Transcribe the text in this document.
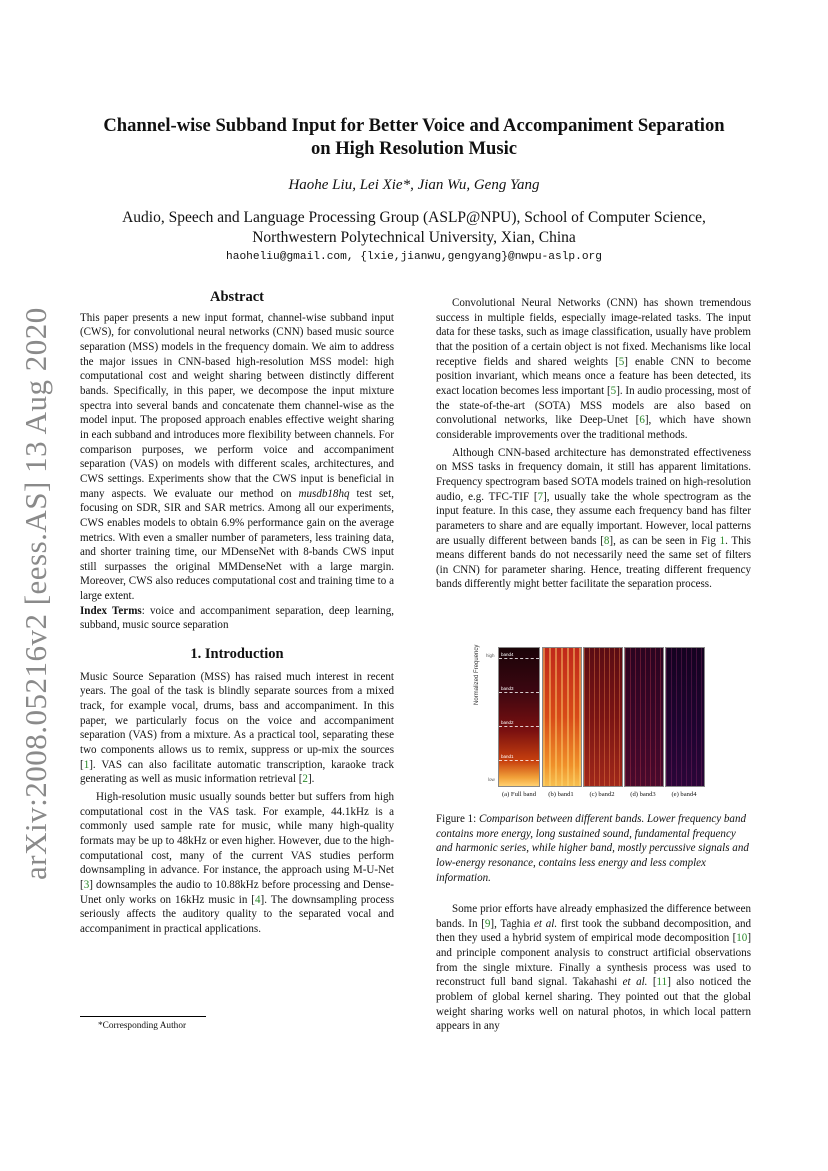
arXiv:2008.05216v2 [eess.AS] 13 Aug 2020
Channel-wise Subband Input for Better Voice and Accompaniment Separation
on High Resolution Music
Haohe Liu, Lei Xie*, Jian Wu, Geng Yang
Audio, Speech and Language Processing Group (ASLP@NPU), School of Computer Science,
Northwestern Polytechnical University, Xian, China
haoheliu@gmail.com, {lxie,jianwu,gengyang}@nwpu-aslp.org
Abstract

This paper presents a new input format, channel-wise subband input (CWS), for convolutional neural networks (CNN) based music source separation (MSS) models in the frequency domain. We aim to address the major issues in CNN-based high-resolution MSS model: high computational cost and weight sharing between distinctly different bands. Specifically, in this paper, we decompose the input mixture spectra into several bands and concatenate them channel-wise as the model input. The proposed approach enables effective weight sharing in each subband and introduces more flexibility between channels. For comparison purposes, we perform voice and accompaniment separation (VAS) on models with different scales, architectures, and CWS settings. Experiments show that the CWS input is beneficial in many aspects. We evaluate our method on musdb18hq test set, focusing on SDR, SIR and SAR metrics. Among all our experiments, CWS enables models to obtain 6.9% performance gain on the average metrics. With even a smaller number of parameters, less training data, and shorter training time, our MDenseNet with 8-bands CWS input still surpasses the original MMDenseNet with a large margin. Moreover, CWS also reduces computational cost and training time to a large extent.

Index Terms: voice and accompaniment separation, deep learning, subband, music source separation

1. Introduction

Music Source Separation (MSS) has raised much interest in recent years. The goal of the task is blindly separate sources from a mixed track, for example vocal, drums, bass and accompaniment. In this paper, we particularly focus on the voice and accompaniment separation (VAS) from a mixture. As a practical tool, separating these two components allows us to remix, suppress or up-mix the sources [1]. VAS can also facilitate automatic transcription, karaoke track generating as well as music information retrieval [2].

High-resolution music usually sounds better but suffers from high computational cost in the VAS task. For example, 44.1kHz is a commonly used sample rate for music, while many high-quality formats may be up to 48kHz or even higher. However, due to the high-computational cost, many of the current VAS studies perform downsampling in advance. For instance, the approach using M-U-Net [3] downsamples the audio to 10.88kHz before processing and Dense-Unet only works on 16kHz music in [4]. The downsampling process seriously affects the auditory quality to the separated vocal and accompaniment in practical applications.

*Corresponding Author

Convolutional Neural Networks (CNN) has shown tremendous success in multiple fields, especially image-related tasks. The input data for these tasks, such as image classification, usually have problem that the position of a certain object is not fixed. Mechanisms like local receptive fields and shared weights [5] enable CNN to become position invariant, which means once a feature has been detected, its exact location becomes less important [5]. In audio processing, most of the state-of-the-art (SOTA) MSS models are also based on convolutional networks, like Deep-Unet [6], which have shown considerable improvements over the traditional methods.

Although CNN-based architecture has demonstrated effectiveness on MSS tasks in frequency domain, it still has apparent limitations. Frequency spectrogram based SOTA models trained on high-resolution audio, e.g. TFC-TIF [7], usually take the whole spectrogram as the input feature. In this case, they assume each frequency band has filter parameters to share and are equally important. However, local patterns are usually different between bands [8], as can be seen in Fig 1. This means different bands do not necessarily need the same set of filters (in CNN) for parameter sharing. Hence, treating different frequency bands differently might better facilitate the separation process.

Normalized Frequency high
low
band4
band3
band2
band1
(a) Full band	(b) band1	(c) band2	(d) band3	(e) band4
Figure 1: Comparison between different bands. Lower frequency band contains more energy, long sustained sound, fundamental frequency and harmonic series, while higher band, mostly percussive signals and low-energy resonance, contains less energy and less complex information.

Some prior efforts have already emphasized the difference between bands. In [9], Taghia et al. first took the subband decomposition, and then they used a hybrid system of empirical mode decomposition [10] and principle component analysis to construct artificial observations from the single mixture. Finally a synthesis process was used to reconstruct full band signal. Takahashi et al. [11] also noticed the problem of global kernel sharing. They pointed out that the global weight sharing works well on natural photos, in which local pattern appears in any
